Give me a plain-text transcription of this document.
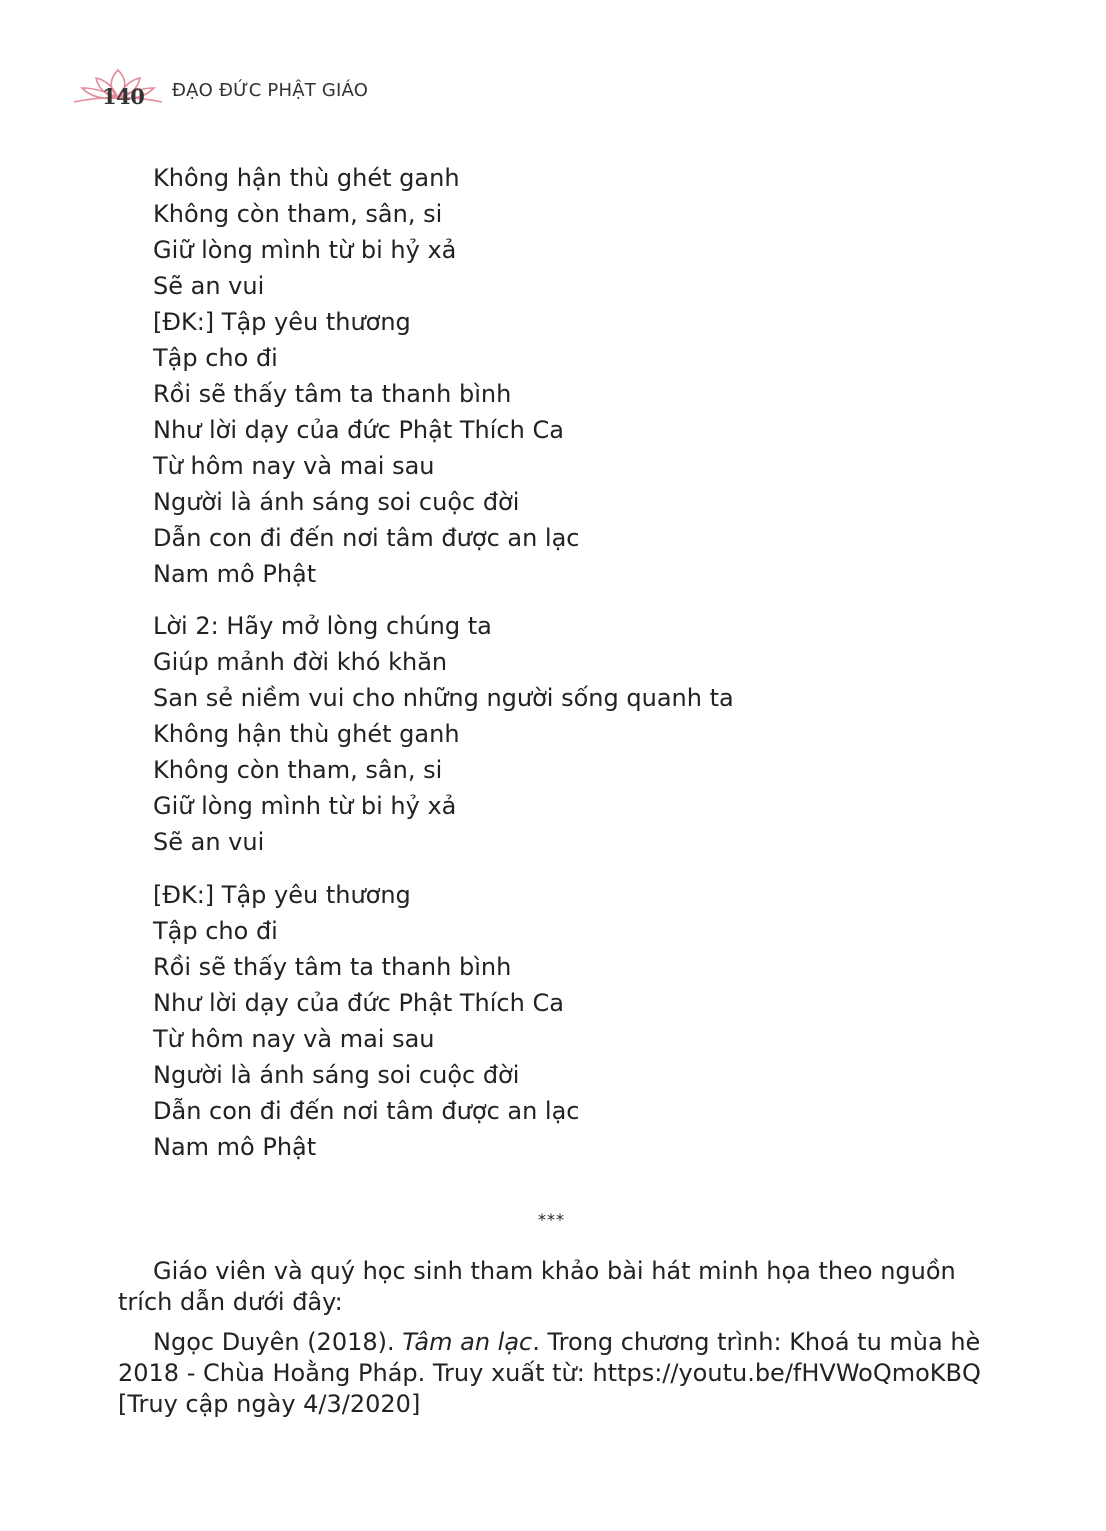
140 ĐẠO ĐỨC PHẬT GIÁO
Không hận thù ghét ganh
Không còn tham, sân, si
Giữ lòng mình từ bi hỷ xả
Sẽ an vui
[ĐK:] Tập yêu thương
Tập cho đi
Rồi sẽ thấy tâm ta thanh bình
Như lời dạy của đức Phật Thích Ca
Từ hôm nay và mai sau
Người là ánh sáng soi cuộc đời
Dẫn con đi đến nơi tâm được an lạc
Nam mô Phật
Lời 2: Hãy mở lòng chúng ta
Giúp mảnh đời khó khăn
San sẻ niềm vui cho những người sống quanh ta
Không hận thù ghét ganh
Không còn tham, sân, si
Giữ lòng mình từ bi hỷ xả
Sẽ an vui
[ĐK:] Tập yêu thương
Tập cho đi
Rồi sẽ thấy tâm ta thanh bình
Như lời dạy của đức Phật Thích Ca
Từ hôm nay và mai sau
Người là ánh sáng soi cuộc đời
Dẫn con đi đến nơi tâm được an lạc
Nam mô Phật
***

Giáo viên và quý học sinh tham khảo bài hát minh họa theo nguồn trích dẫn dưới đây:

Ngọc Duyên (2018). Tâm an lạc. Trong chương trình: Khoá tu mùa hè 2018 - Chùa Hoằng Pháp. Truy xuất từ: https://youtu.be/fHVWoQmoKBQ [Truy cập ngày 4/3/2020]
